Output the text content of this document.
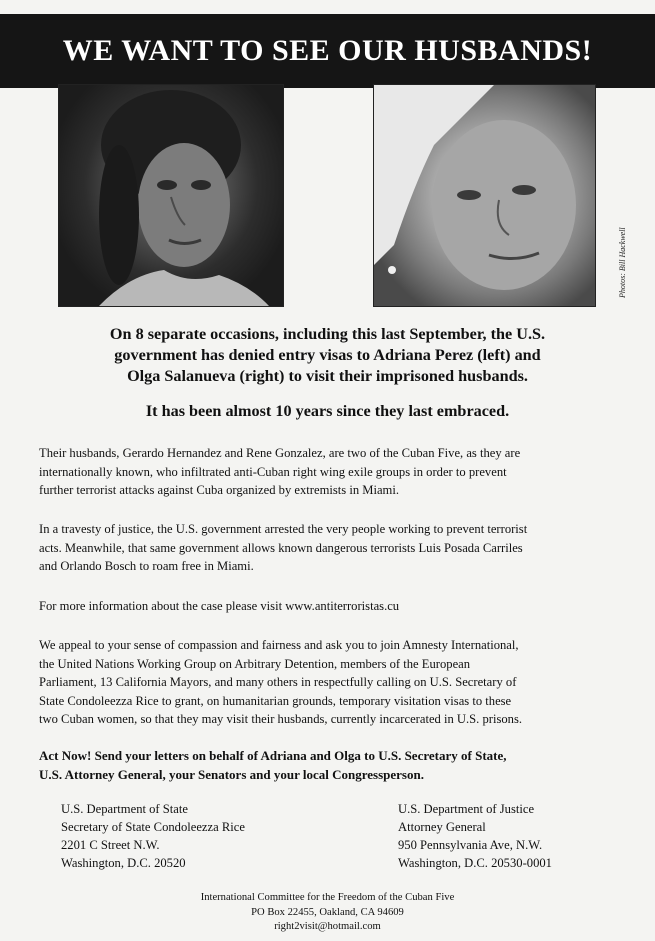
WE WANT TO SEE OUR HUSBANDS!
Photos: Bill Hackwell

On 8 separate occasions, including this last September, the U.S.
government has denied entry visas to Adriana Perez (left) and
Olga Salanueva (right) to visit their imprisoned husbands.

It has been almost 10 years since they last embraced.

Their husbands, Gerardo Hernandez and Rene Gonzalez, are two of the Cuban Five, as they are
internationally known, who infiltrated anti-Cuban right wing exile groups in order to prevent
further terrorist attacks against Cuba organized by extremists in Miami.

In a travesty of justice, the U.S. government arrested the very people working to prevent terrorist
acts. Meanwhile, that same government allows known dangerous terrorists Luis Posada Carriles
and Orlando Bosch to roam free in Miami.

For more information about the case please visit www.antiterroristas.cu

We appeal to your sense of compassion and fairness and ask you to join Amnesty International,
the United Nations Working Group on Arbitrary Detention, members of the European
Parliament, 13 California Mayors, and many others in respectfully calling on U.S. Secretary of
State Condoleezza Rice to grant, on humanitarian grounds, temporary visitation visas to these
two Cuban women, so that they may visit their husbands, currently incarcerated in U.S. prisons.

Act Now! Send your letters on behalf of Adriana and Olga to U.S. Secretary of State,
U.S. Attorney General, your Senators and your local Congressperson.

U.S. Department of State
Secretary of State Condoleezza Rice
2201 C Street N.W.
Washington, D.C. 20520
U.S. Department of Justice
Attorney General
950 Pennsylvania Ave, N.W.
Washington, D.C. 20530-0001
International Committee for the Freedom of the Cuban Five
PO Box 22455, Oakland, CA 94609
right2visit@hotmail.com
